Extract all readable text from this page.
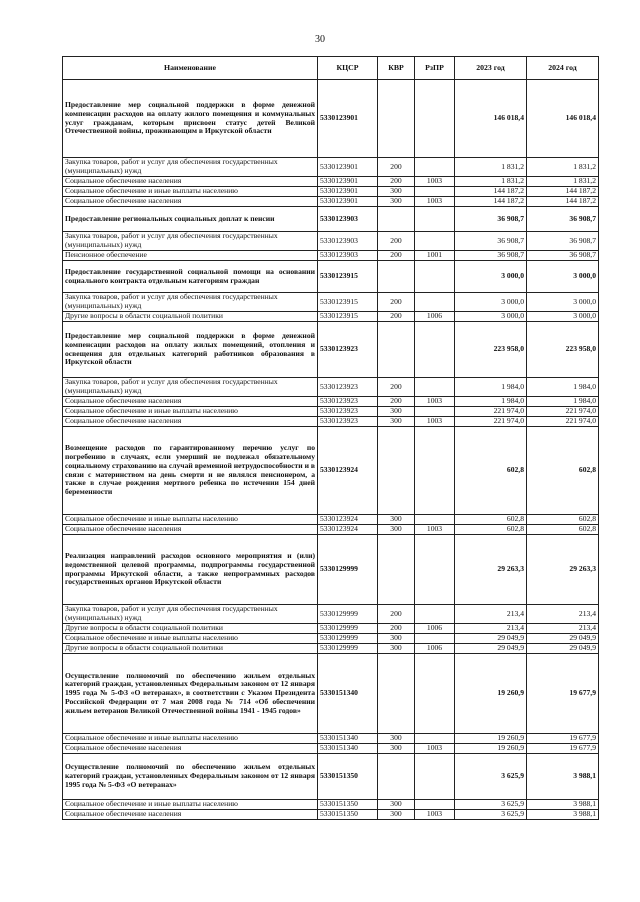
30
Наименование	КЦСР	КВР	РзПР	2023 год	2024 год
Предоставление мер социальной поддержки в форме денежной компенсации расходов на оплату жилого помещения и коммунальных услуг гражданам, которым присвоен статус детей Великой Отечественной войны, проживающим в Иркутской области	5330123901			146 018,4	146 018,4
Закупка товаров, работ и услуг для обеспечения государственных (муниципальных) нужд	5330123901	200		1 831,2	1 831,2
Социальное обеспечение населения	5330123901	200	1003	1 831,2	1 831,2
Социальное обеспечение и иные выплаты населению	5330123901	300		144 187,2	144 187,2
Социальное обеспечение населения	5330123901	300	1003	144 187,2	144 187,2
Предоставление региональных социальных доплат к пенсии	5330123903			36 908,7	36 908,7
Закупка товаров, работ и услуг для обеспечения государственных (муниципальных) нужд	5330123903	200		36 908,7	36 908,7
Пенсионное обеспечение	5330123903	200	1001	36 908,7	36 908,7
Предоставление государственной социальной помощи на основании социального контракта отдельным категориям граждан	5330123915			3 000,0	3 000,0
Закупка товаров, работ и услуг для обеспечения государственных (муниципальных) нужд	5330123915	200		3 000,0	3 000,0
Другие вопросы в области социальной политики	5330123915	200	1006	3 000,0	3 000,0
Предоставление мер социальной поддержки в форме денежной компенсации расходов на оплату жилых помещений, отопления и освещения для отдельных категорий работников образования в Иркутской области	5330123923			223 958,0	223 958,0
Закупка товаров, работ и услуг для обеспечения государственных (муниципальных) нужд	5330123923	200		1 984,0	1 984,0
Социальное обеспечение населения	5330123923	200	1003	1 984,0	1 984,0
Социальное обеспечение и иные выплаты населению	5330123923	300		221 974,0	221 974,0
Социальное обеспечение населения	5330123923	300	1003	221 974,0	221 974,0
Возмещение расходов по гарантированному перечню услуг по погребению в случаях, если умерший не подлежал обязательному социальному страхованию на случай временной нетрудоспособности и в связи с материнством на день смерти и не являлся пенсионером, а также в случае рождения мертвого ребенка по истечении 154 дней беременности	5330123924			602,8	602,8
Социальное обеспечение и иные выплаты населению	5330123924	300		602,8	602,8
Социальное обеспечение населения	5330123924	300	1003	602,8	602,8
Реализация направлений расходов основного мероприятия и (или) ведомственной целевой программы, подпрограммы государственной программы Иркутской области, а также непрограммных расходов государственных органов Иркутской области	5330129999			29 263,3	29 263,3
Закупка товаров, работ и услуг для обеспечения государственных (муниципальных) нужд	5330129999	200		213,4	213,4
Другие вопросы в области социальной политики	5330129999	200	1006	213,4	213,4
Социальное обеспечение и иные выплаты населению	5330129999	300		29 049,9	29 049,9
Другие вопросы в области социальной политики	5330129999	300	1006	29 049,9	29 049,9
Осуществление полномочий по обеспечению жильем отдельных категорий граждан, установленных Федеральным законом от 12 января 1995 года № 5-ФЗ «О ветеранах», в соответствии с Указом Президента Российской Федерации от 7 мая 2008 года № 714 «Об обеспечении жильем ветеранов Великой Отечественной войны 1941 - 1945 годов»	5330151340			19 260,9	19 677,9
Социальное обеспечение и иные выплаты населению	5330151340	300		19 260,9	19 677,9
Социальное обеспечение населения	5330151340	300	1003	19 260,9	19 677,9
Осуществление полномочий по обеспечению жильем отдельных категорий граждан, установленных Федеральным законом от 12 января 1995 года № 5-ФЗ «О ветеранах»	5330151350			3 625,9	3 988,1
Социальное обеспечение и иные выплаты населению	5330151350	300		3 625,9	3 988,1
Социальное обеспечение населения	5330151350	300	1003	3 625,9	3 988,1
